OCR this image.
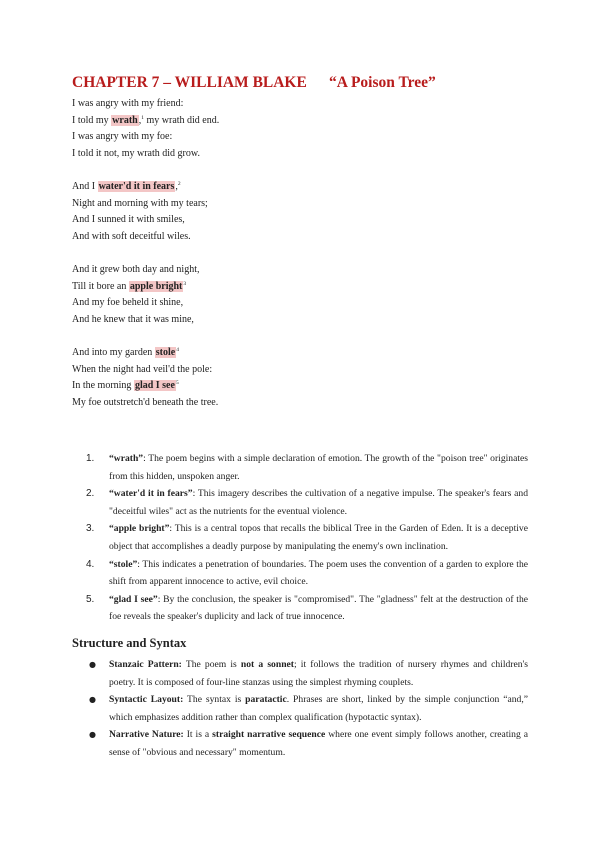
CHAPTER 7 – WILLIAM BLAKE “A Poison Tree”
I was angry with my friend:
I told my wrath,$^1$ my wrath did end.
I was angry with my foe:
I told it not, my wrath did grow.
And I water'd it in fears,$^2$
Night and morning with my tears;
And I sunned it with smiles,
And with soft deceitful wiles.
And it grew both day and night,
Till it bore an apple bright$^3$
And my foe beheld it shine,
And he knew that it was mine,
And into my garden stole$^4$
When the night had veil'd the pole:
In the morning glad I see$^5$
My foe outstretch'd beneath the tree.
1. “wrath”: The poem begins with a simple declaration of emotion. The growth of the "poison tree" originates from this hidden, unspoken anger.
2. “water'd it in fears”: This imagery describes the cultivation of a negative impulse. The speaker's fears and "deceitful wiles" act as the nutrients for the eventual violence.
3. “apple bright”: This is a central topos that recalls the biblical Tree in the Garden of Eden. It is a deceptive object that accomplishes a deadly purpose by manipulating the enemy's own inclination.
4. “stole”: This indicates a penetration of boundaries. The poem uses the convention of a garden to explore the shift from apparent innocence to active, evil choice.
5. “glad I see”: By the conclusion, the speaker is "compromised". The "gladness" felt at the destruction of the foe reveals the speaker's duplicity and lack of true innocence.
Structure and Syntax
● Stanzaic Pattern: The poem is not a sonnet; it follows the tradition of nursery rhymes and children's poetry. It is composed of four-line stanzas using the simplest rhyming couplets.
● Syntactic Layout: The syntax is paratactic. Phrases are short, linked by the simple conjunction “and,” which emphasizes addition rather than complex qualification (hypotactic syntax).
● Narrative Nature: It is a straight narrative sequence where one event simply follows another, creating a sense of "obvious and necessary" momentum.
